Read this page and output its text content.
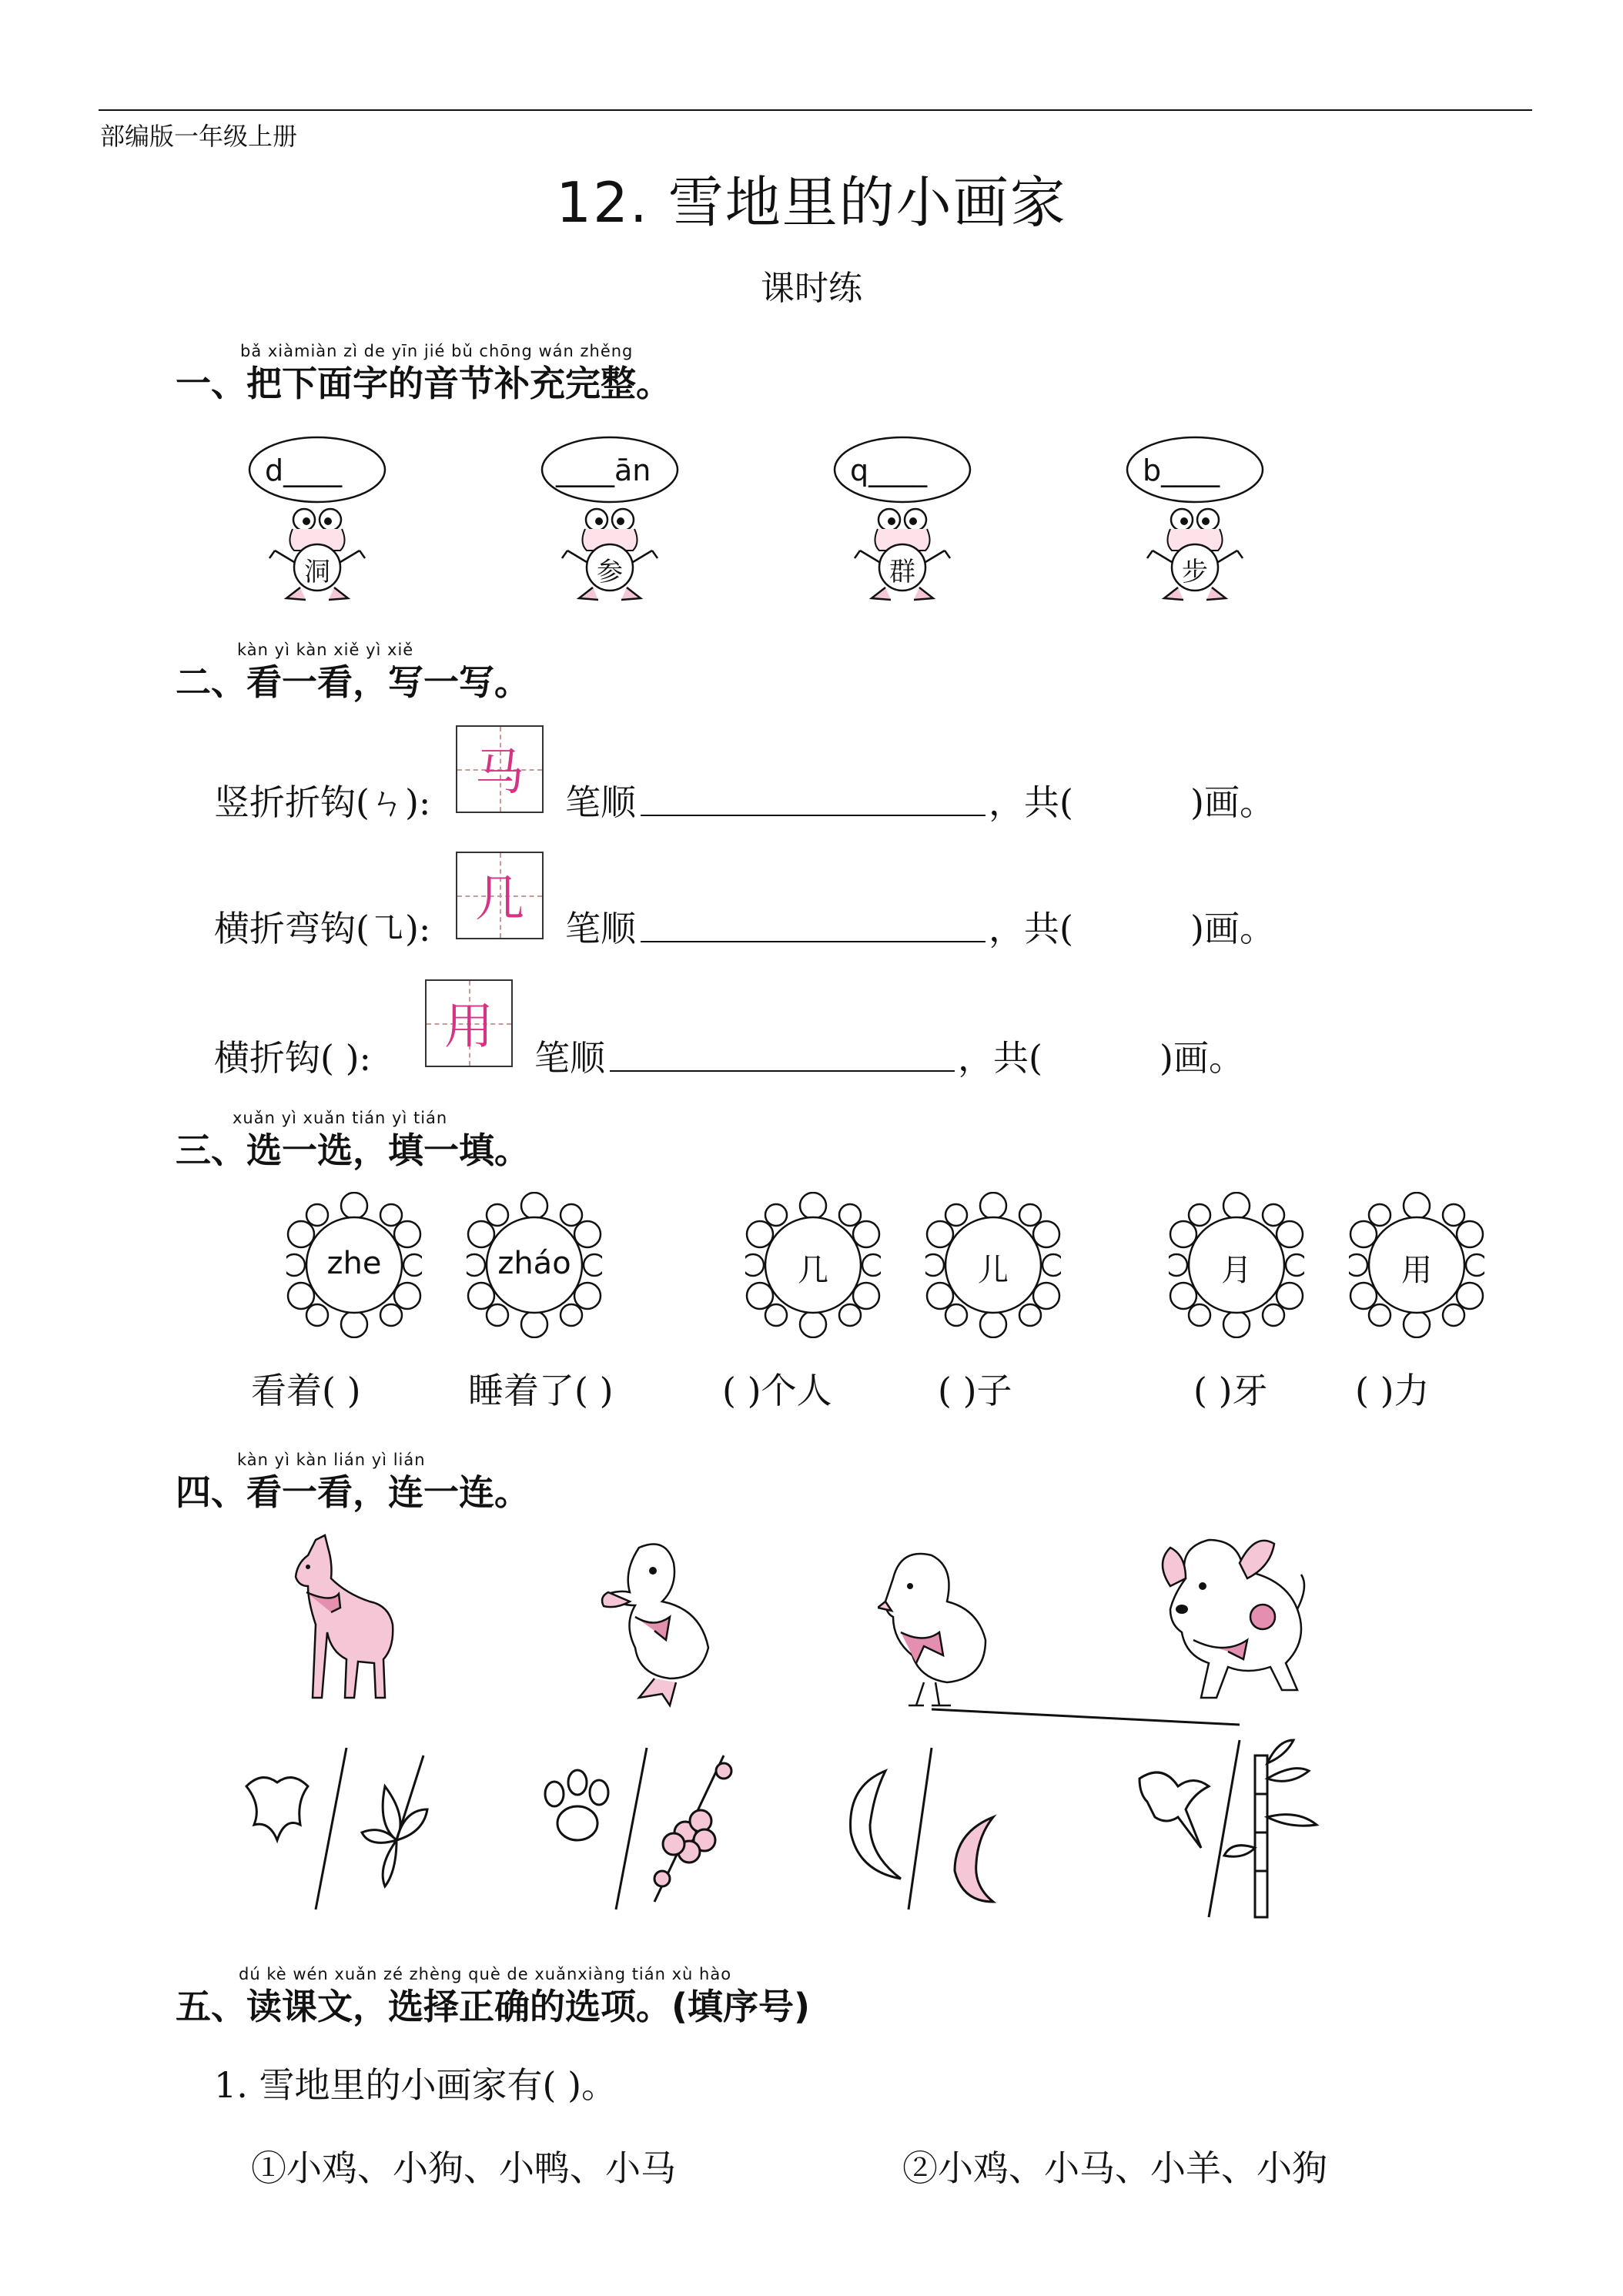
部编版一年级上册
12. 雪地里的小画家
课时练
bǎ xiàmiàn zì de yīn jié bǔ chōng wán zhěng
一、把下面字的音节补充完整。
d____
洞
____ān
参
q____
群
b____
步
kàn yì kàn xiě yì xiě
二、看一看，写一写。
竖折折钩(ㄣ):
马
笔顺	，共(	)画。
横折弯钩(㇈):
几
笔顺	，共(	)画。
横折钩( ):
用
笔顺	，共(	)画。
xuǎn yì xuǎn tián yì tián
三、选一选，填一填。
zhe	zháo	几	儿	月	用
看着( )	睡着了( )	( )个人	( )子	( )牙 ( )力
kàn yì kàn lián yì lián
四、看一看，连一连。
dú kè wén xuǎn zé zhèng què de xuǎnxiàng tián xù hào
五、读课文，选择正确的选项。(填序号)
1. 雪地里的小画家有( )。
①小鸡、小狗、小鸭、小马	②小鸡、小马、小羊、小狗
